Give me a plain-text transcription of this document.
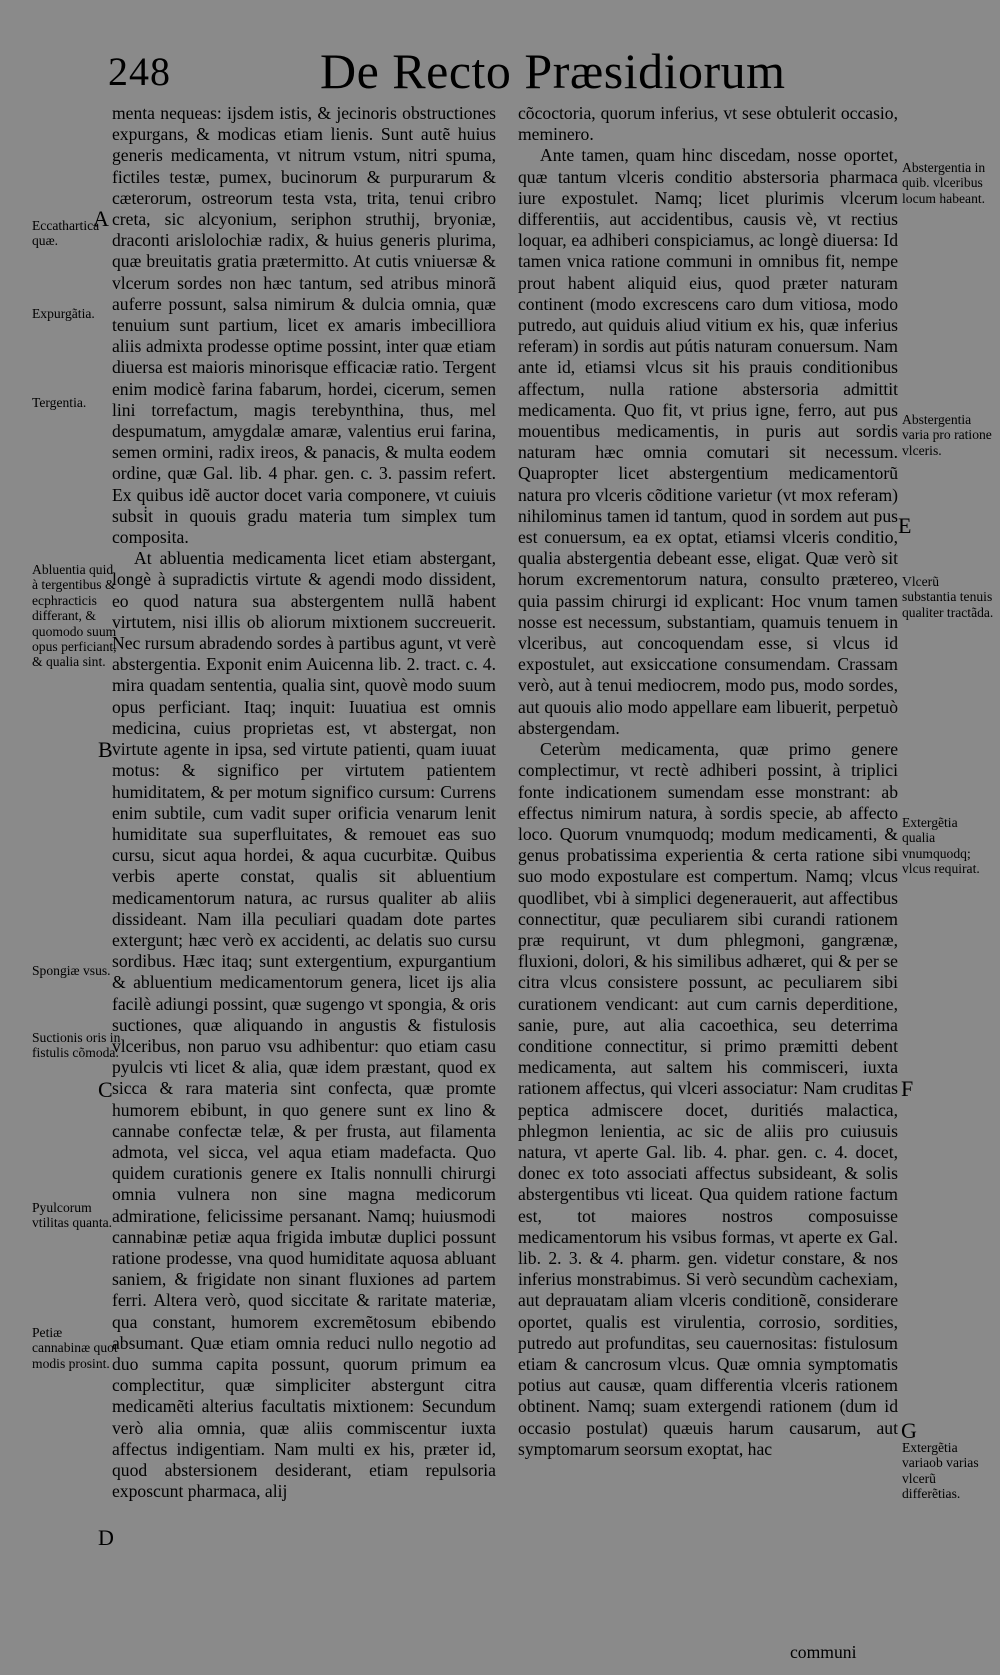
248	De Recto Præsidiorum

menta nequeas: ijsdem istis, & jecinoris obstructiones expurgans, & modicas etiam lienis. Sunt autẽ huius generis medicamenta, vt nitrum vstum, nitri spuma, fictiles testæ, pumex, bucinorum & purpurarum & cæterorum, ostreorum testa vsta, trita, tenui cribro creta, sic alcyonium, seriphon struthij, bryoniæ, draconti arislolochiæ radix, & huius generis plurima, quæ breuitatis gratia prætermitto. At cutis vniuersæ & vlcerum sordes non hæc tantum, sed atribus minorã auferre possunt, salsa nimirum & dulcia omnia, quæ tenuium sunt partium, licet ex amaris imbecilliora aliis admixta prodesse optime possint, inter quæ etiam diuersa est maioris minorisque efficaciæ ratio. Tergent enim modicè farina fabarum, hordei, cicerum, semen lini torrefactum, magis terebynthina, thus, mel despumatum, amygdalæ amaræ, valentius erui farina, semen ormini, radix ireos, & panacis, & multa eodem ordine, quæ Gal. lib. 4 phar. gen. c. 3. passim refert. Ex quibus idẽ auctor docet varia componere, vt cuiuis subsi̇t in quouis gradu materia tum simplex tum composita.

At abluentia medicamenta licet etiam abstergant, longè à supradictis virtute & agendi modo dissident, eo quod natura sua abstergentem nullã habent virtutem, nisi illis ob aliorum mixtionem succreuerit. Nec rursum abradendo sordes à partibus agunt, vt verè abstergentia. Exponit enim Auicenna lib. 2. tract. c. 4. mira quadam sententia, qualia sint, quovè modo suum opus perficiant. Itaq; inquit: Iuuatiua est omnis medicina, cuius proprietas est, vt abstergat, non virtute agente in ipsa, sed virtute patienti, quam iuuat motus: & significo per virtutem patientem humiditatem, & per motum significo cursum: Currens enim subtile, cum vadit super orificia venarum lenit humiditate sua superfluitates, & remouet eas suo cursu, sicut aqua hordei, & aqua cucurbitæ. Quibus verbis aperte constat, qualis sit abluentium medicamentorum natura, ac rursus qualiter ab aliis dissideant. Nam illa peculiari quadam dote partes extergunt; hæc verò ex accidenti, ac delatis suo cursu sordibus. Hæc itaq; sunt extergentium, expurgantium & abluentium medicamentorum genera, licet ijs alia facilè adiungi possint, quæ sugengo vt spongia, & oris suctiones, quæ aliquando in angustis & fistulosis vlceribus, non paruo vsu adhibentur: quo etiam casu pyulcis vti licet & alia, quæ idem præstant, quod ex sicca & rara materia sint confecta, quæ promte humorem ebibunt, in quo genere sunt ex lino & cannabe confectæ telæ, & per frusta, aut filamenta admota, vel sicca, vel aqua etiam madefacta. Quo quidem curationis genere ex Italis nonnulli chirurgi omnia vulnera non sine magna medicorum admiratione, felicissime persanant. Namq; huiusmodi cannabinæ petiæ aqua frigida imbutæ duplici possunt ratione prodesse, vna quod humiditate aquosa abluant saniem, & frigidate non sinant fluxiones ad partem ferri. Altera verò, quod siccitate & raritate materiæ, qua constant, humorem excremẽtosum ebibendo absumant. Quæ etiam omnia reduci nullo negotio ad duo summa capita possunt, quorum primum ea complectitur, quæ simpliciter abstergunt citra medicamẽti alterius facultatis mixtionem: Secundum verò alia omnia, quæ aliis commiscentur iuxta affectus indigentiam. Nam multi ex his, præter id, quod abstersionem desiderant, etiam repulsoria exposcunt pharmaca, alij

cõcoctoria, quorum inferius, vt sese obtulerit occasio, meminero.

Ante tamen, quam hinc discedam, nosse oportet, quæ tantum vlceris conditio abstersoria pharmaca iure expostulet. Namq; licet plurimis vlcerum differentiis, aut accidentibus, causis vè, vt rectius loquar, ea adhiberi conspiciamus, ac longè diuersa: Id tamen vnica ratione communi in omnibus fit, nempe prout habent aliquid eius, quod præter naturam continent (modo excrescens caro dum vitiosa, modo putredo, aut quiduis aliud vitium ex his, quæ inferius referam) in sordis aut pútis naturam conuersum. Nam ante id, etiamsi vlcus sit his prauis conditionibus affectum, nulla ratione abstersoria admittit medicamenta. Quo fit, vt prius igne, ferro, aut pus mouentibus medicamentis, in puris aut sordis naturam hæc omnia comutari sit necessum. Quapropter licet abstergentium medicamentorũ natura pro vlceris cõditione varietur (vt mox referam) nihilominus tamen id tantum, quod in sordem aut pus est conuersum, ea ex optat, etiamsi vlceris conditio, qualia abstergentia debeant esse, eligat. Quæ verò sit horum excrementorum natura, consulto prætereo, quia passim chirurgi id explicant: Hoc vnum tamen nosse est necessum, substantiam, quamuis tenuem in vlceribus, aut concoquendam esse, si vlcus id expostulet, aut exsiccatione consumendam. Crassam verò, aut à tenui mediocrem, modo pus, modo sordes, aut quouis alio modo appellare eam libuerit, perpetuò abstergendam.

Ceterùm medicamenta, quæ primo genere complectimur, vt rectè adhiberi possint, à triplici fonte indicationem sumendam esse monstrant: ab effectus nimirum natura, à sordis specie, ab affecto loco. Quorum vnumquodq; modum medicamenti, & genus probatissima experientia & certa ratione sibi suo modo expostulare est compertum. Namq; vlcus quodlibet, vbi à simplici degenerauerit, aut affectibus connectitur, quæ peculiarem sibi curandi rationem præ requirunt, vt dum phlegmoni, gangrænæ, fluxioni, dolori, & his similibus adhæret, qui & per se citra vlcus consistere possunt, ac peculiarem sibi curationem vendicant: aut cum carnis deperditione, sanie, pure, aut alia cacoethica, seu deterrima conditione connectitur, si primo præmitti debent medicamenta, aut saltem his commisceri, iuxta rationem affectus, qui vlceri associatur: Nam cruditas peptica admiscere docet, duritiés malactica, phlegmon lenientia, ac sic de aliis pro cuiusuis natura, vt aperte Gal. lib. 4. phar. gen. c. 4. docet, donec ex toto associati affectus subsideant, & solis abstergentibus vti liceat. Qua quidem ratione factum est, tot maiores nostros composuisse medicamentorum his vsibus formas, vt aperte ex Gal. lib. 2. 3. & 4. pharm. gen. videtur constare, & nos inferius monstrabimus. Si verò secundùm cachexiam, aut deprauatam aliam vlceris conditionẽ, considerare oportet, qualis est virulentia, corrosio, sordities, putredo aut profunditas, seu cauernositas: fistulosum etiam & cancrosum vlcus. Quæ omnia symptomatis potius aut causæ, quam differentia vlceris rationem obtinent. Namq; suam extergendi rationem (dum id occasio postulat) quæuis harum causarum, aut symptomarum seorsum exoptat, hac

Eccathartica quæ.
Expurgãtia.
Tergentia.
Abluentia quid à tergentibus & ecphracticis differant, & quomodo suum opus perficiant, & qualia sint.
Spongiæ vsus.
Suctionis oris in fistulis cõmoda.
Pyulcorum vtilitas quanta.
Petiæ cannabinæ quot modis prosint.
Abstergentia in quib. vlceribus locum habeant.
Abstergentia varia pro ratione vlceris.
Vlcerũ substantia tenuis qualiter tractãda.
Extergẽtia qualia vnumquodq; vlcus requirat.
Extergẽtia variaob varias vlcerũ differẽtias.
A
B
C
D
E
F
G
communi
